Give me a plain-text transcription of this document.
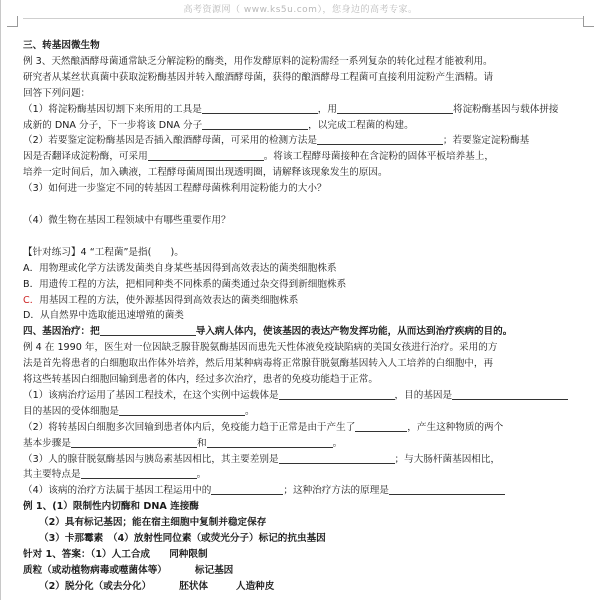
高考资源网（ www.ks5u.com），您身边的高考专家。

三、转基因微生物

例 3、天然酿酒酵母菌通常缺乏分解淀粉的酶类，用作发酵原料的淀粉需经一系列复杂的转化过程才能被利用。

研究者从某丝状真菌中获取淀粉酶基因并转入酿酒酵母菌，获得的酿酒酵母工程菌可直接利用淀粉产生酒精。请

回答下列问题：

（1）将淀粉酶基因切割下来所用的工具是	，用	将淀粉酶基因与载体拼接

成新的 DNA 分子，下一步将该 DNA 分子	，以完成工程菌的构建。

（2）若要鉴定淀粉酶基因是否插入酿酒酵母菌，可采用的检测方法是	；若要鉴定淀粉酶基

因是否翻译成淀粉酶，可采用	。将该工程酵母菌接种在含淀粉的固体平板培养基上，

培养一定时间后，加入碘液，工程酵母菌周围出现透明圈，请解释该现象发生的原因。

（3）如何进一步鉴定不同的转基因工程酵母菌株利用淀粉能力的大小？

（4）微生物在基因工程领域中有哪些重要作用？

【针对练习】4 “工程菌”是指(　　)。

A．用物理或化学方法诱发菌类自身某些基因得到高效表达的菌类细胞株系

B．用遗传工程的方法，把相同种类不同株系的菌类通过杂交得到新细胞株系

C．用基因工程的方法，使外源基因得到高效表达的菌类细胞株系

D．从自然界中选取能迅速增殖的菌类

四、基因治疗：把	导入病人体内，使该基因的表达产物发挥功能，从而达到治疗疾病的目的。

例 4 在 1990 年，医生对一位因缺乏腺苷脱氨酶基因而患先天性体液免疫缺陷病的美国女孩进行治疗。采用的方

法是首先将患者的白细胞取出作体外培养，然后用某种病毒将正常腺苷脱氨酶基因转入人工培养的白细胞中，再

将这些转基因白细胞回输到患者的体内，经过多次治疗，患者的免疫功能趋于正常。

（1）该病治疗运用了基因工程技术，在这个实例中运载体是	，目的基因是

目的基因的受体细胞是	。

（2）将转基因白细胞多次回输到患者体内后，免疫能力趋于正常是由于产生了	，产生这种物质的两个

基本步骤是	和	。

（3）人的腺苷脱氨酶基因与胰岛素基因相比，其主要差别是	；与大肠杆菌基因相比，

其主要特点是	。

（4）该病的治疗方法属于基因工程运用中的	；这种治疗方法的原理是

例 1、(1）限制性内切酶和 DNA 连接酶

（2）具有标记基因；能在宿主细胞中复制并稳定保存

（3）卡那霉素　（4）放射性同位素（或荧光分子）标记的抗虫基因

针对 1、答案：（1）人工合成　　同种限制

质粒（或动植物病毒或噬菌体等）	标记基因

（2）脱分化（或去分化）	胚状体	人造种皮
